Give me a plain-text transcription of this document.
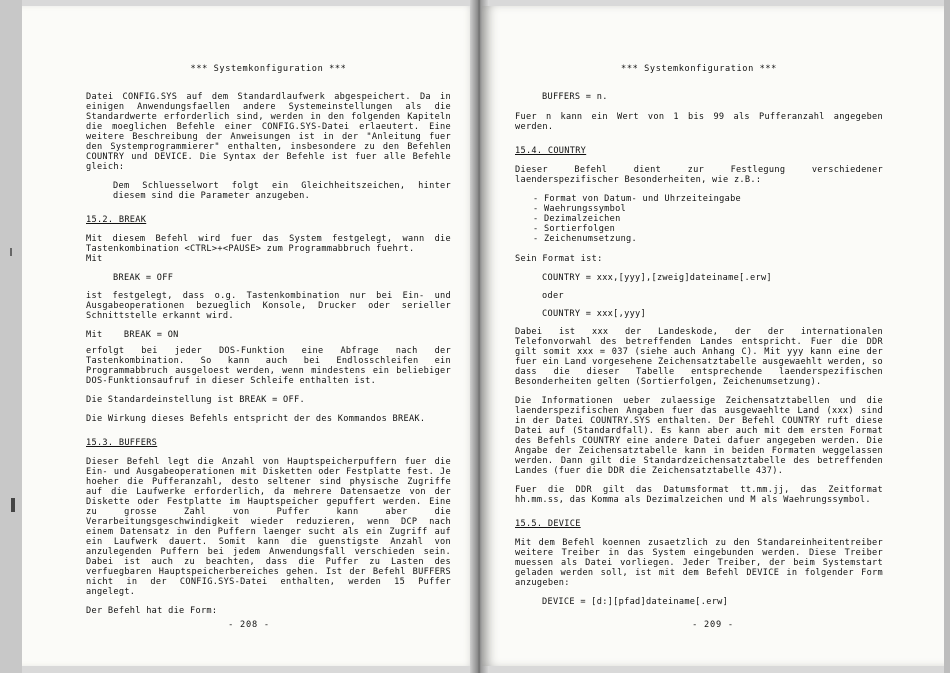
*** Systemkonfiguration ***

Datei CONFIG.SYS auf dem Standardlaufwerk abgespeichert. Da in einigen Anwendungsfaellen andere Systemeinstellungen als die Standardwerte erforderlich sind, werden in den folgenden Kapiteln die moeglichen Befehle einer CONFIG.SYS-Datei erlaeutert. Eine weitere Beschreibung der Anweisungen ist in der "Anleitung fuer den Systemprogrammierer" enthalten, insbesondere zu den Befehlen COUNTRY und DEVICE. Die Syntax der Befehle ist fuer alle Befehle gleich:

Dem Schluesselwort folgt ein Gleichheitszeichen, hinter diesem sind die Parameter anzugeben.

15.2. BREAK

Mit diesem Befehl wird fuer das System festgelegt, wann die Tastenkombination <CTRL>+<PAUSE> zum Programmabbruch fuehrt.
Mit

BREAK = OFF

ist festgelegt, dass o.g. Tastenkombination nur bei Ein- und Ausgabeoperationen bezueglich Konsole, Drucker oder serieller Schnittstelle erkannt wird.

Mit BREAK = ON

erfolgt bei jeder DOS-Funktion eine Abfrage nach der Tastenkombination. So kann auch bei Endlosschleifen ein Programmabbruch ausgeloest werden, wenn mindestens ein beliebiger DOS-Funktionsaufruf in dieser Schleife enthalten ist.

Die Standardeinstellung ist BREAK = OFF.

Die Wirkung dieses Befehls entspricht der des Kommandos BREAK.

15.3. BUFFERS

Dieser Befehl legt die Anzahl von Hauptspeicherpuffern fuer die Ein- und Ausgabeoperationen mit Disketten oder Festplatte fest. Je hoeher die Pufferanzahl, desto seltener sind physische Zugriffe auf die Laufwerke erforderlich, da mehrere Datensaetze von der Diskette oder Festplatte im Hauptspeicher gepuffert werden. Eine zu grosse Zahl von Puffer kann aber die Verarbeitungsgeschwindigkeit wieder reduzieren, wenn DCP nach einem Datensatz in den Puffern laenger sucht als ein Zugriff auf ein Laufwerk dauert. Somit kann die guenstigste Anzahl von anzulegenden Puffern bei jedem Anwendungsfall verschieden sein. Dabei ist auch zu beachten, dass die Puffer zu Lasten des verfuegbaren Hauptspeicherbereiches gehen. Ist der Befehl BUFFERS nicht in der CONFIG.SYS-Datei enthalten, werden 15 Puffer angelegt.

Der Befehl hat die Form:

- 208 -
*** Systemkonfiguration ***
BUFFERS = n.

Fuer n kann ein Wert von 1 bis 99 als Pufferanzahl angegeben werden.

15.4. COUNTRY

Dieser Befehl dient zur Festlegung verschiedener laenderspezifischer Besonderheiten, wie z.B.:

- Format von Datum- und Uhrzeiteingabe
- Waehrungssymbol
- Dezimalzeichen
- Sortierfolgen
- Zeichenumsetzung.

Sein Format ist:

COUNTRY = xxx,[yyy],[zweig]dateiname[.erw]
oder
COUNTRY = xxx[,yyy]

Dabei ist xxx der Landeskode, der der internationalen Telefonvorwahl des betreffenden Landes entspricht. Fuer die DDR gilt somit xxx = 037 (siehe auch Anhang C). Mit yyy kann eine der fuer ein Land vorgesehene Zeichensatztabelle ausgewaehlt werden, so dass die dieser Tabelle entsprechende laenderspezifischen Besonderheiten gelten (Sortierfolgen, Zeichenumsetzung).

Die Informationen ueber zulaessige Zeichensatztabellen und die laenderspezifischen Angaben fuer das ausgewaehlte Land (xxx) sind in der Datei COUNTRY.SYS enthalten. Der Befehl COUNTRY ruft diese Datei auf (Standardfall). Es kann aber auch mit dem ersten Format des Befehls COUNTRY eine andere Datei dafuer angegeben werden. Die Angabe der Zeichensatztabelle kann in beiden Formaten weggelassen werden. Dann gilt die Standardzeichensatztabelle des betreffenden Landes (fuer die DDR die Zeichensatztabelle 437).

Fuer die DDR gilt das Datumsformat tt.mm.jj, das Zeitformat hh.mm.ss, das Komma als Dezimalzeichen und M als Waehrungssymbol.

15.5. DEVICE

Mit dem Befehl koennen zusaetzlich zu den Standareinheitentreiber weitere Treiber in das System eingebunden werden. Diese Treiber muessen als Datei vorliegen. Jeder Treiber, der beim Systemstart geladen werden soll, ist mit dem Befehl DEVICE in folgender Form anzugeben:

DEVICE = [d:][pfad]dateiname[.erw]
- 209 -
